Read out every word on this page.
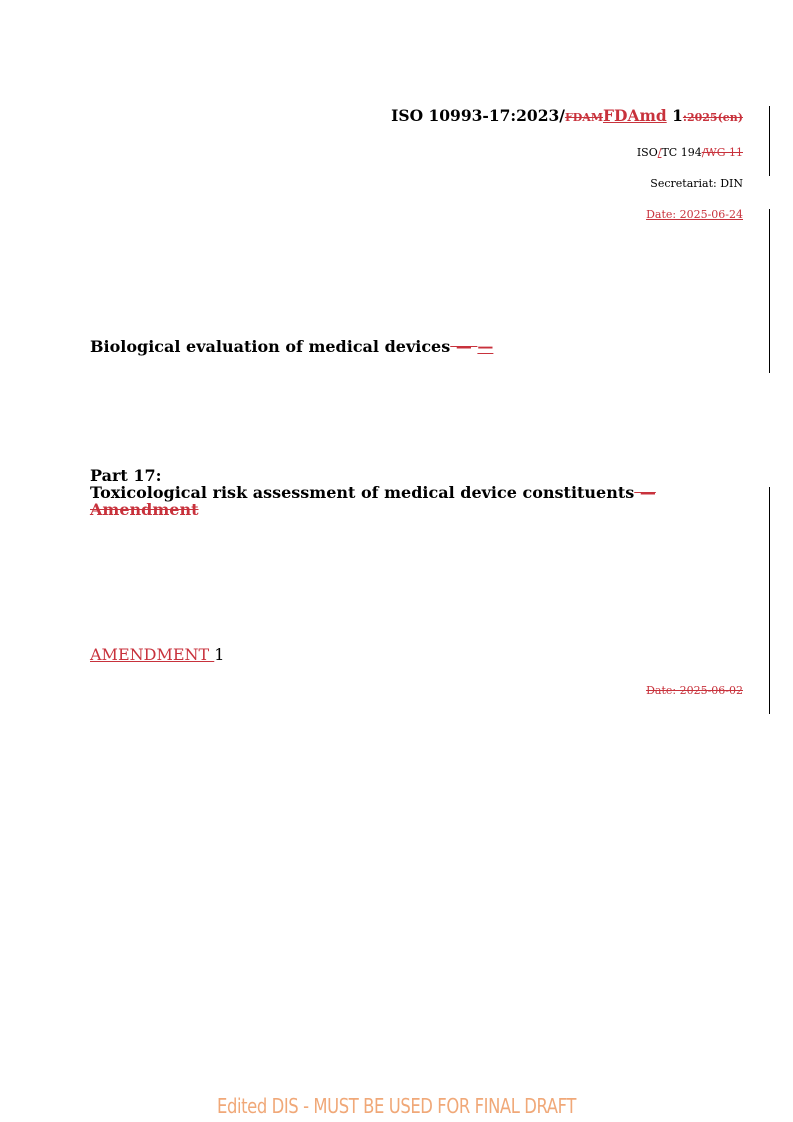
ISO 10993-17:2023/FDAMFDAmd 1:2025(en)
ISO/TC 194/WG 11
Secretariat: DIN
Date: 2025-06-24
Biological evaluation of medical devices — —
Part 17:
Toxicological risk assessment of medical device constituents —
Amendment
AMENDMENT 1
Date: 2025-06-02
Edited DIS - MUST BE USED FOR FINAL DRAFT
